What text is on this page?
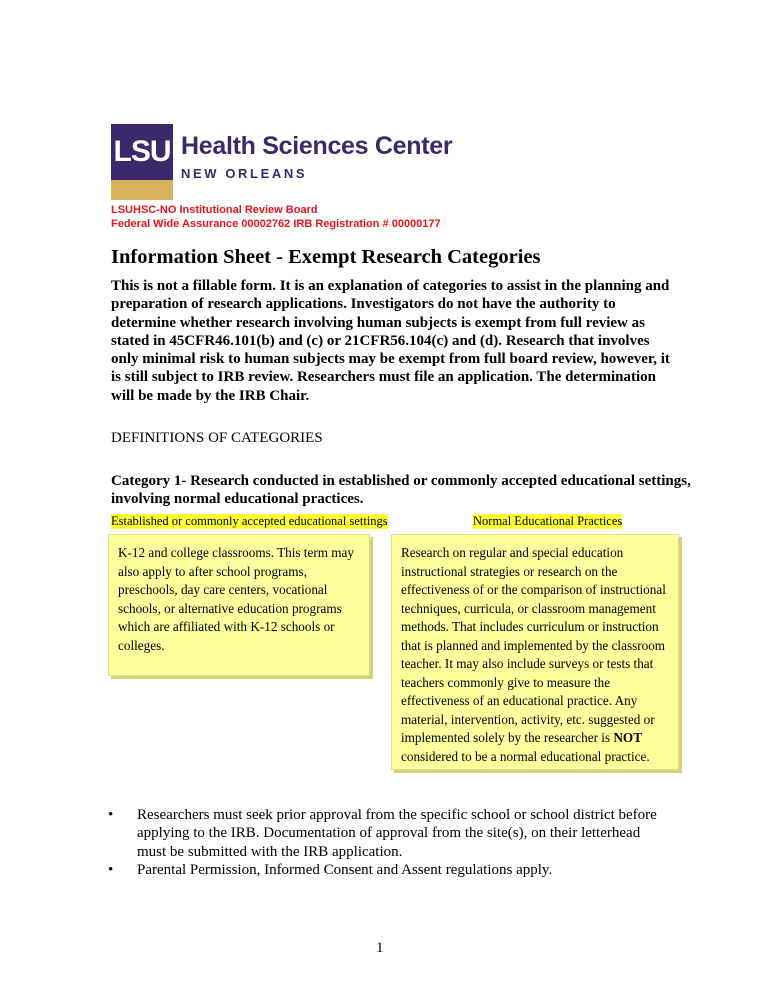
LSU Health Sciences Center
NEW ORLEANS
LSUHSC-NO Institutional Review Board
Federal Wide Assurance 00002762 IRB Registration # 00000177
Information Sheet - Exempt Research Categories
This is not a fillable form. It is an explanation of categories to assist in the planning and preparation of research applications. Investigators do not have the authority to determine whether research involving human subjects is exempt from full review as stated in 45CFR46.101(b) and (c) or 21CFR56.104(c) and (d). Research that involves only minimal risk to human subjects may be exempt from full board review, however, it is still subject to IRB review. Researchers must file an application. The determination will be made by the IRB Chair.
DEFINITIONS OF CATEGORIES
Category 1- Research conducted in established or commonly accepted educational settings, involving normal educational practices.
Established or commonly accepted educational settings	Normal Educational Practices
K-12 and college classrooms. This term may also apply to after school programs, preschools, day care centers, vocational schools, or alternative education programs which are affiliated with K-12 schools or colleges.
Research on regular and special education instructional strategies or research on the effectiveness of or the comparison of instructional techniques, curricula, or classroom management methods. That includes curriculum or instruction that is planned and implemented by the classroom teacher. It may also include surveys or tests that teachers commonly give to measure the effectiveness of an educational practice. Any material, intervention, activity, etc. suggested or implemented solely by the researcher is NOT considered to be a normal educational practice.
• Researchers must seek prior approval from the specific school or school district before applying to the IRB. Documentation of approval from the site(s), on their letterhead must be submitted with the IRB application.
• Parental Permission, Informed Consent and Assent regulations apply.
1
